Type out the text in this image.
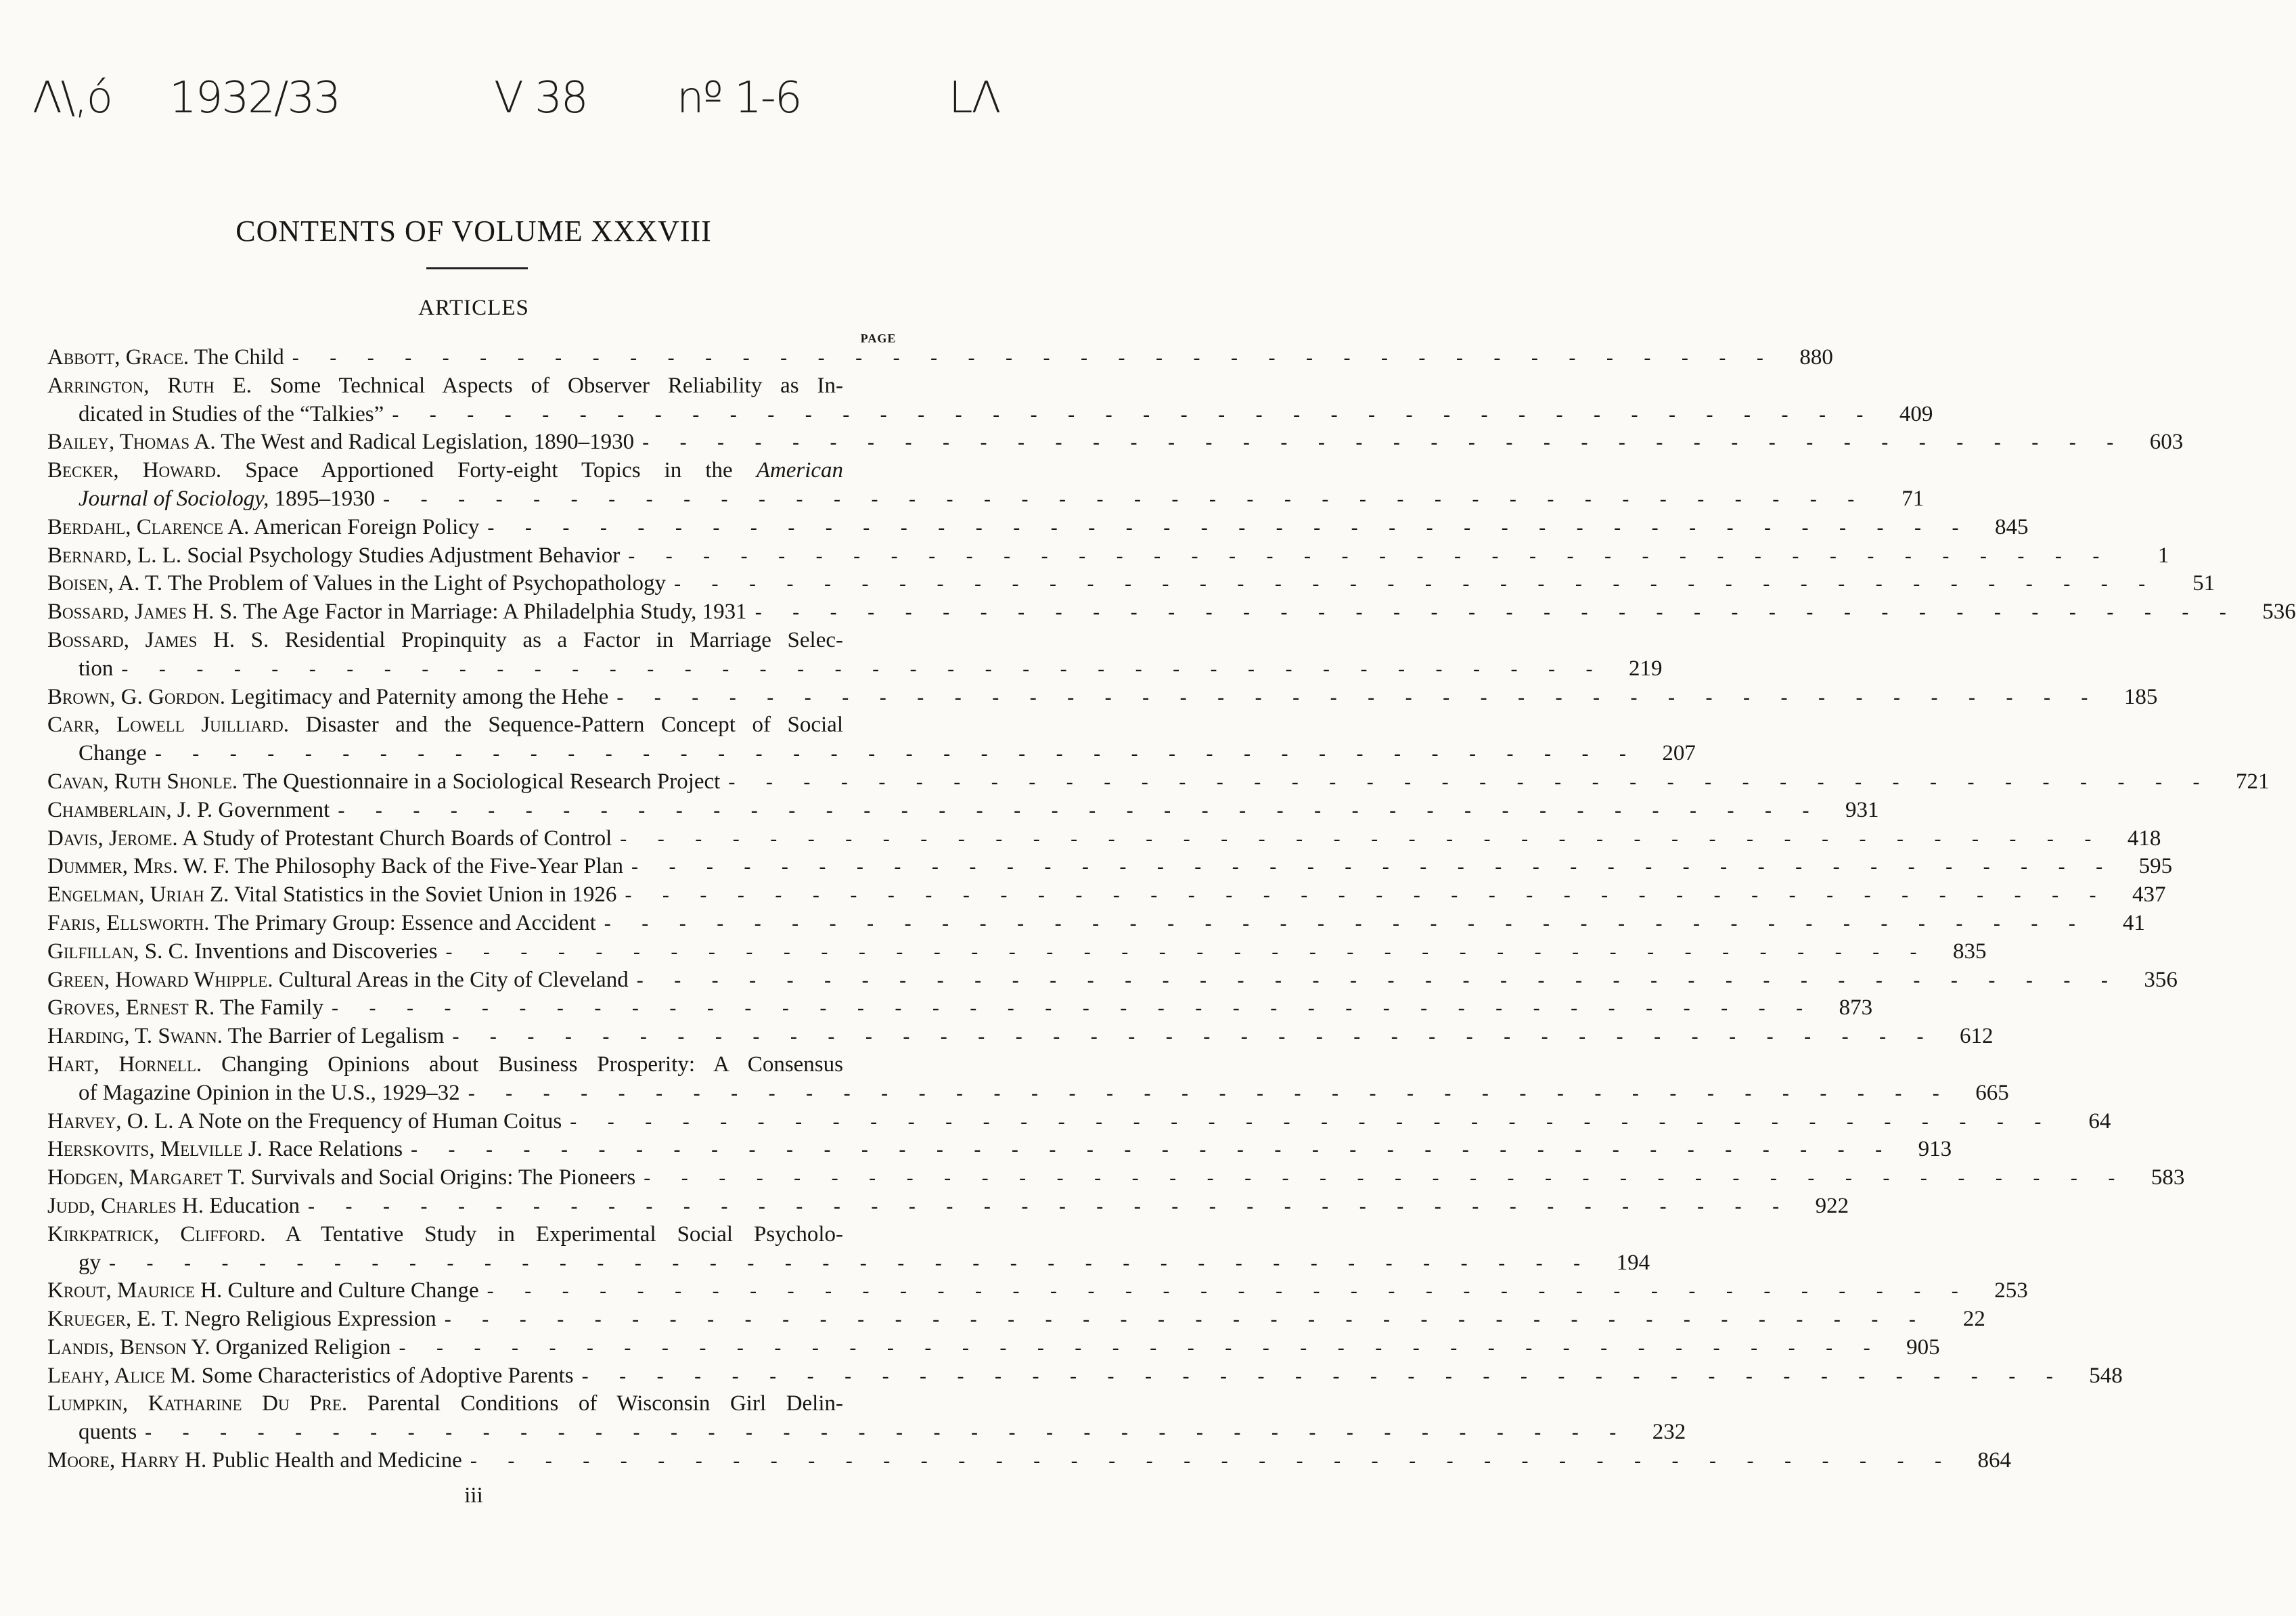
Λ\,ó 1932/33	V 38 nº 1-6	LΛ
CONTENTS OF VOLUME XXXVIII
ARTICLES
PAGE
Abbott, Grace. The Child - - - - - - - - - - - - - - - - - - - - - - - - - - - - - - - - - - - - - - - -	880
Arrington, Ruth E. Some Technical Aspects of Observer Reliability as In-
dicated in Studies of the “Talkies” - - - - - - - - - - - - - - - - - - - - - - - - - - - - - - - - - - - - - - - -	409
Bailey, Thomas A. The West and Radical Legislation, 1890–1930 - - - - - - - - - - - - - - - - - - - - - - - - - - - - - - - - - - - - - - - -	603
Becker, Howard. Space Apportioned Forty-eight Topics in the American
Journal of Sociology, 1895–1930 - - - - - - - - - - - - - - - - - - - - - - - - - - - - - - - - - - - - - - - -	71
Berdahl, Clarence A. American Foreign Policy - - - - - - - - - - - - - - - - - - - - - - - - - - - - - - - - - - - - - - - -	845
Bernard, L. L. Social Psychology Studies Adjustment Behavior - - - - - - - - - - - - - - - - - - - - - - - - - - - - - - - - - - - - - - - -	1
Boisen, A. T. The Problem of Values in the Light of Psychopathology - - - - - - - - - - - - - - - - - - - - - - - - - - - - - - - - - - - - - - - -	51
Bossard, James H. S. The Age Factor in Marriage: A Philadelphia Study, 1931 - - - - - - - - - - - - - - - - - - - - - - - - - - - - - - - - - - - - - - - -	536
Bossard, James H. S. Residential Propinquity as a Factor in Marriage Selec-
tion - - - - - - - - - - - - - - - - - - - - - - - - - - - - - - - - - - - - - - - -	219
Brown, G. Gordon. Legitimacy and Paternity among the Hehe - - - - - - - - - - - - - - - - - - - - - - - - - - - - - - - - - - - - - - - -	185
Carr, Lowell Juilliard. Disaster and the Sequence-Pattern Concept of Social
Change - - - - - - - - - - - - - - - - - - - - - - - - - - - - - - - - - - - - - - - -	207
Cavan, Ruth Shonle. The Questionnaire in a Sociological Research Project - - - - - - - - - - - - - - - - - - - - - - - - - - - - - - - - - - - - - - - -	721
Chamberlain, J. P. Government - - - - - - - - - - - - - - - - - - - - - - - - - - - - - - - - - - - - - - - -	931
Davis, Jerome. A Study of Protestant Church Boards of Control - - - - - - - - - - - - - - - - - - - - - - - - - - - - - - - - - - - - - - - -	418
Dummer, Mrs. W. F. The Philosophy Back of the Five-Year Plan - - - - - - - - - - - - - - - - - - - - - - - - - - - - - - - - - - - - - - - -	595
Engelman, Uriah Z. Vital Statistics in the Soviet Union in 1926 - - - - - - - - - - - - - - - - - - - - - - - - - - - - - - - - - - - - - - - -	437
Faris, Ellsworth. The Primary Group: Essence and Accident - - - - - - - - - - - - - - - - - - - - - - - - - - - - - - - - - - - - - - - -	41
Gilfillan, S. C. Inventions and Discoveries - - - - - - - - - - - - - - - - - - - - - - - - - - - - - - - - - - - - - - - -	835
Green, Howard Whipple. Cultural Areas in the City of Cleveland - - - - - - - - - - - - - - - - - - - - - - - - - - - - - - - - - - - - - - - -	356
Groves, Ernest R. The Family - - - - - - - - - - - - - - - - - - - - - - - - - - - - - - - - - - - - - - - -	873
Harding, T. Swann. The Barrier of Legalism - - - - - - - - - - - - - - - - - - - - - - - - - - - - - - - - - - - - - - - -	612
Hart, Hornell. Changing Opinions about Business Prosperity: A Consensus
of Magazine Opinion in the U.S., 1929–32 - - - - - - - - - - - - - - - - - - - - - - - - - - - - - - - - - - - - - - - -	665
Harvey, O. L. A Note on the Frequency of Human Coitus - - - - - - - - - - - - - - - - - - - - - - - - - - - - - - - - - - - - - - - -	64
Herskovits, Melville J. Race Relations - - - - - - - - - - - - - - - - - - - - - - - - - - - - - - - - - - - - - - - -	913
Hodgen, Margaret T. Survivals and Social Origins: The Pioneers - - - - - - - - - - - - - - - - - - - - - - - - - - - - - - - - - - - - - - - -	583
Judd, Charles H. Education - - - - - - - - - - - - - - - - - - - - - - - - - - - - - - - - - - - - - - - -	922
Kirkpatrick, Clifford. A Tentative Study in Experimental Social Psycholo-
gy - - - - - - - - - - - - - - - - - - - - - - - - - - - - - - - - - - - - - - - -	194
Krout, Maurice H. Culture and Culture Change - - - - - - - - - - - - - - - - - - - - - - - - - - - - - - - - - - - - - - - -	253
Krueger, E. T. Negro Religious Expression - - - - - - - - - - - - - - - - - - - - - - - - - - - - - - - - - - - - - - - -	22
Landis, Benson Y. Organized Religion - - - - - - - - - - - - - - - - - - - - - - - - - - - - - - - - - - - - - - - -	905
Leahy, Alice M. Some Characteristics of Adoptive Parents - - - - - - - - - - - - - - - - - - - - - - - - - - - - - - - - - - - - - - - -	548
Lumpkin, Katharine Du Pre. Parental Conditions of Wisconsin Girl Delin-
quents - - - - - - - - - - - - - - - - - - - - - - - - - - - - - - - - - - - - - - - -	232
Moore, Harry H. Public Health and Medicine - - - - - - - - - - - - - - - - - - - - - - - - - - - - - - - - - - - - - - - -	864
iii
